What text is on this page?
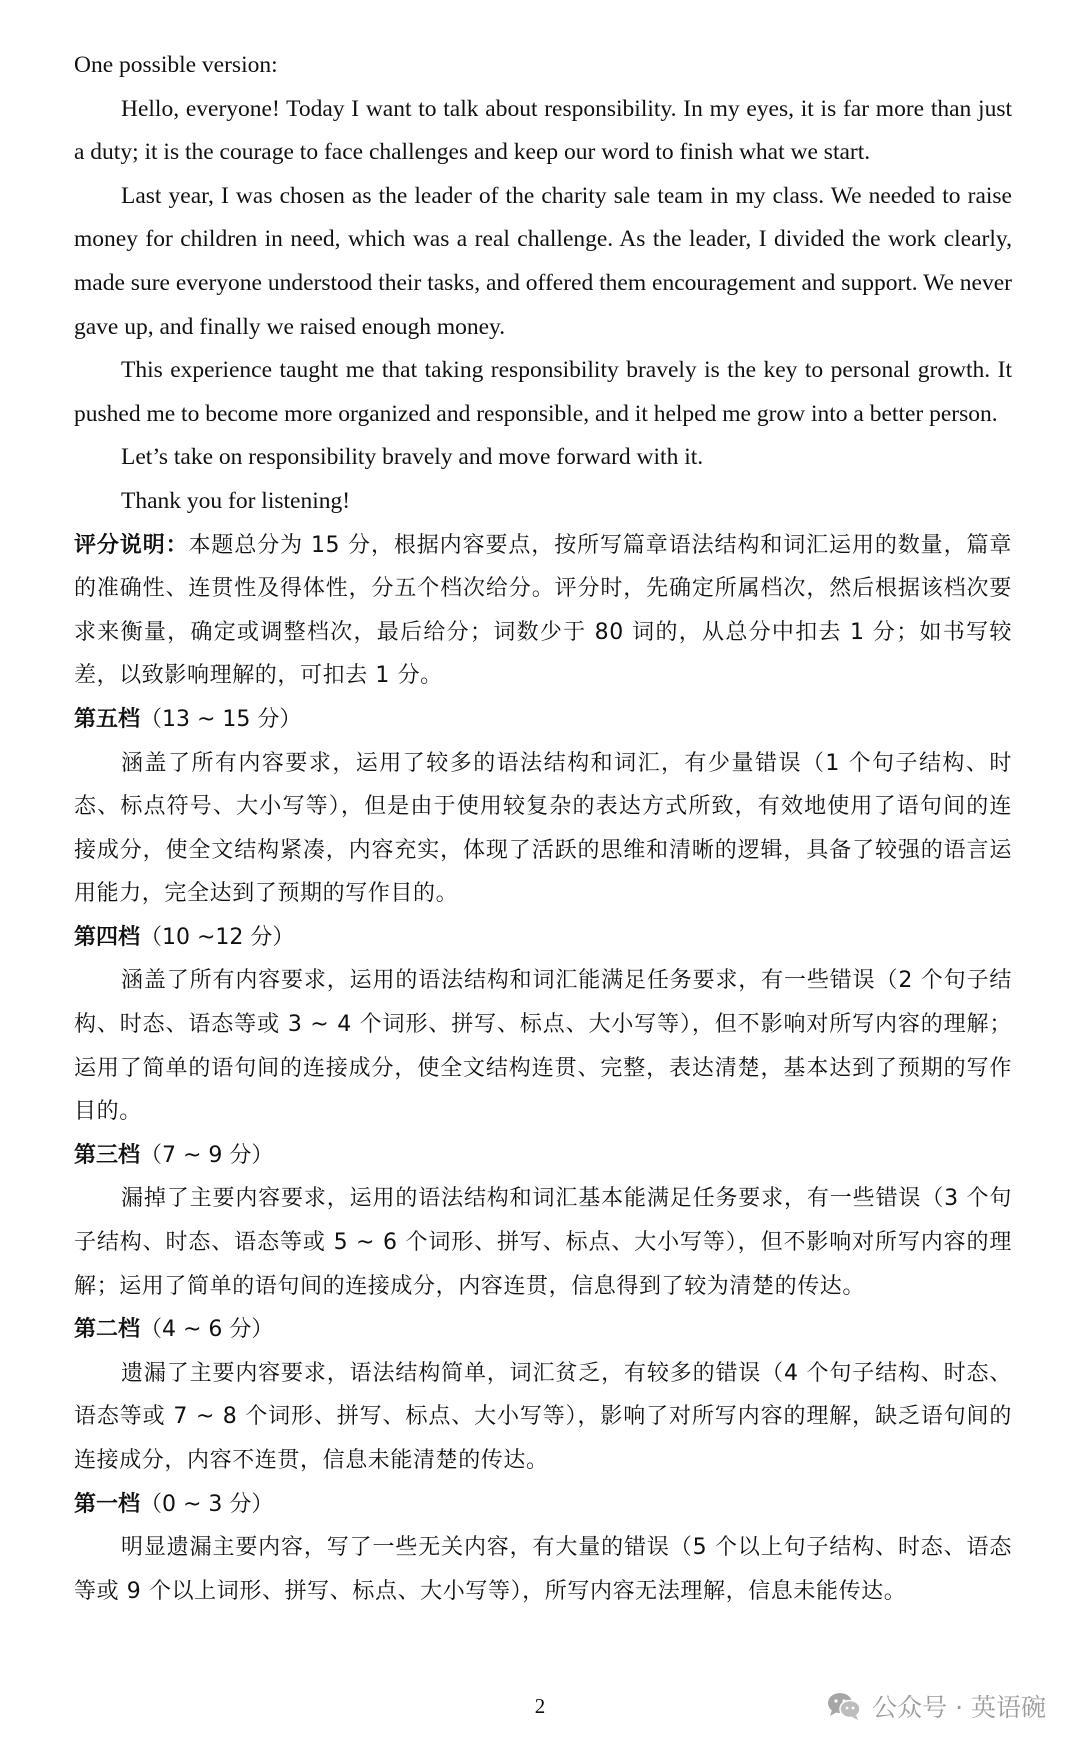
One possible version:

Hello, everyone! Today I want to talk about responsibility. In my eyes, it is far more than just a duty; it is the courage to face challenges and keep our word to finish what we start.

Last year, I was chosen as the leader of the charity sale team in my class. We needed to raise money for children in need, which was a real challenge. As the leader, I divided the work clearly, made sure everyone understood their tasks, and offered them encouragement and support. We never gave up, and finally we raised enough money.

This experience taught me that taking responsibility bravely is the key to personal growth. It pushed me to become more organized and responsible, and it helped me grow into a better person.

Let’s take on responsibility bravely and move forward with it.

Thank you for listening!

评分说明：本题总分为 15 分，根据内容要点，按所写篇章语法结构和词汇运用的数量，篇章的准确性、连贯性及得体性，分五个档次给分。评分时，先确定所属档次，然后根据该档次要求来衡量，确定或调整档次，最后给分；词数少于 80 词的，从总分中扣去 1 分；如书写较差，以致影响理解的，可扣去 1 分。

第五档（13 ~ 15 分）

涵盖了所有内容要求，运用了较多的语法结构和词汇，有少量错误（1 个句子结构、时态、标点符号、大小写等），但是由于使用较复杂的表达方式所致，有效地使用了语句间的连接成分，使全文结构紧凑，内容充实，体现了活跃的思维和清晰的逻辑，具备了较强的语言运用能力，完全达到了预期的写作目的。

第四档（10 ~12 分）

涵盖了所有内容要求，运用的语法结构和词汇能满足任务要求，有一些错误（2 个句子结构、时态、语态等或 3 ~ 4 个词形、拼写、标点、大小写等），但不影响对所写内容的理解；运用了简单的语句间的连接成分，使全文结构连贯、完整，表达清楚，基本达到了预期的写作目的。

第三档（7 ~ 9 分）

漏掉了主要内容要求，运用的语法结构和词汇基本能满足任务要求，有一些错误（3 个句子结构、时态、语态等或 5 ~ 6 个词形、拼写、标点、大小写等），但不影响对所写内容的理解；运用了简单的语句间的连接成分，内容连贯，信息得到了较为清楚的传达。

第二档（4 ~ 6 分）

遗漏了主要内容要求，语法结构简单，词汇贫乏，有较多的错误（4 个句子结构、时态、语态等或 7 ~ 8 个词形、拼写、标点、大小写等），影响了对所写内容的理解，缺乏语句间的连接成分，内容不连贯，信息未能清楚的传达。

第一档（0 ~ 3 分）

明显遗漏主要内容，写了一些无关内容，有大量的错误（5 个以上句子结构、时态、语态等或 9 个以上词形、拼写、标点、大小写等），所写内容无法理解，信息未能传达。

2	公众号 · 英语碗
